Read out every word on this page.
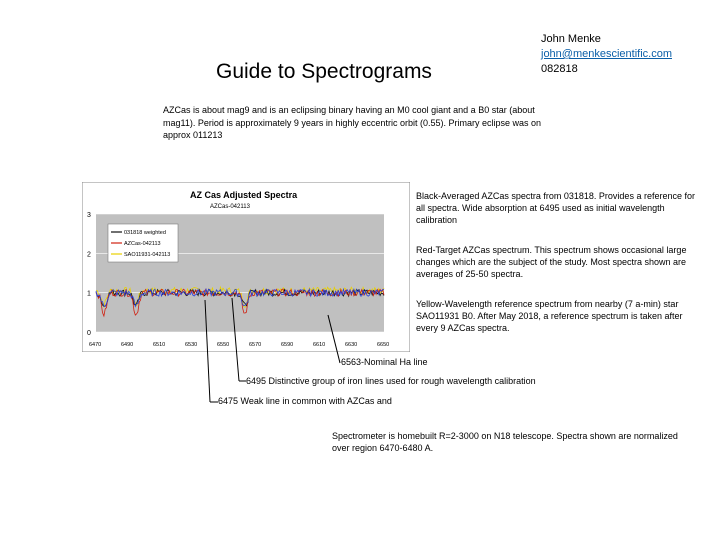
Guide to Spectrograms
John Menke
john@menkescientific.com
082818
AZCas is about mag9 and is an eclipsing binary having an M0 cool giant and a B0 star (about mag11). Period is approximately 9 years in highly eccentric orbit (0.55). Primary eclipse was on approx 011213
AZ Cas Adjusted Spectra
AZCas-042113
0
1
2
3
6470	6490	6510	6530	6550	6570	6590	6610	6630	6650
031818 weighted
AZCas-042113
SAO11931-042113
Black-Averaged AZCas spectra from 031818. Provides a reference for all spectra. Wide absorption at 6495 used as initial wavelength calibration
Red-Target AZCas spectrum. This spectrum shows occasional large changes which are the subject of the study. Most spectra shown are averages of 25-50 spectra.
Yellow-Wavelength reference spectrum from nearby (7 a-min) star SAO11931 B0. After May 2018, a reference spectrum is taken after every 9 AZCas spectra.
6563-Nominal Ha line
6495 Distinctive group of iron lines used for rough wavelength calibration
6475 Weak line in common with AZCas and
Spectrometer is homebuilt R=2-3000 on N18 telescope. Spectra shown are normalized over region 6470-6480 A.
